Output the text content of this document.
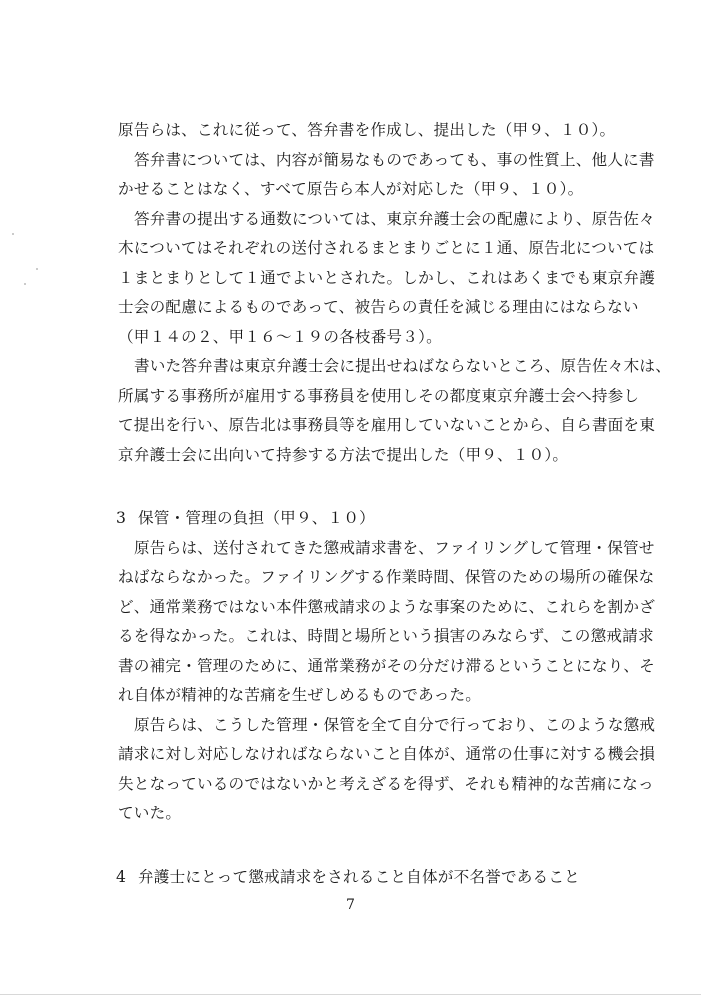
原告らは、これに従って、答弁書を作成し、提出した（甲９、１０）。
答弁書については、内容が簡易なものであっても、事の性質上、他人に書
かせることはなく、すべて原告ら本人が対応した（甲９、１０）。
答弁書の提出する通数については、東京弁護士会の配慮により、原告佐々
木についてはそれぞれの送付されるまとまりごとに１通、原告北については
１まとまりとして１通でよいとされた。しかし、これはあくまでも東京弁護
士会の配慮によるものであって、被告らの責任を減じる理由にはならない
（甲１４の２、甲１６～１９の各枝番号３）。
書いた答弁書は東京弁護士会に提出せねばならないところ、原告佐々木は、
所属する事務所が雇用する事務員を使用しその都度東京弁護士会へ持参し
て提出を行い、原告北は事務員等を雇用していないことから、自ら書面を東
京弁護士会に出向いて持参する方法で提出した（甲９、１０）。
3 保管・管理の負担（甲９、１０）
原告らは、送付されてきた懲戒請求書を、ファイリングして管理・保管せ
ねばならなかった。ファイリングする作業時間、保管のための場所の確保な
ど、通常業務ではない本件懲戒請求のような事案のために、これらを割かざ
るを得なかった。これは、時間と場所という損害のみならず、この懲戒請求
書の補完・管理のために、通常業務がその分だけ滞るということになり、そ
れ自体が精神的な苦痛を生ぜしめるものであった。
原告らは、こうした管理・保管を全て自分で行っており、このような懲戒
請求に対し対応しなければならないこと自体が、通常の仕事に対する機会損
失となっているのではないかと考えざるを得ず、それも精神的な苦痛になっ
ていた。
4 弁護士にとって懲戒請求をされること自体が不名誉であること
7
